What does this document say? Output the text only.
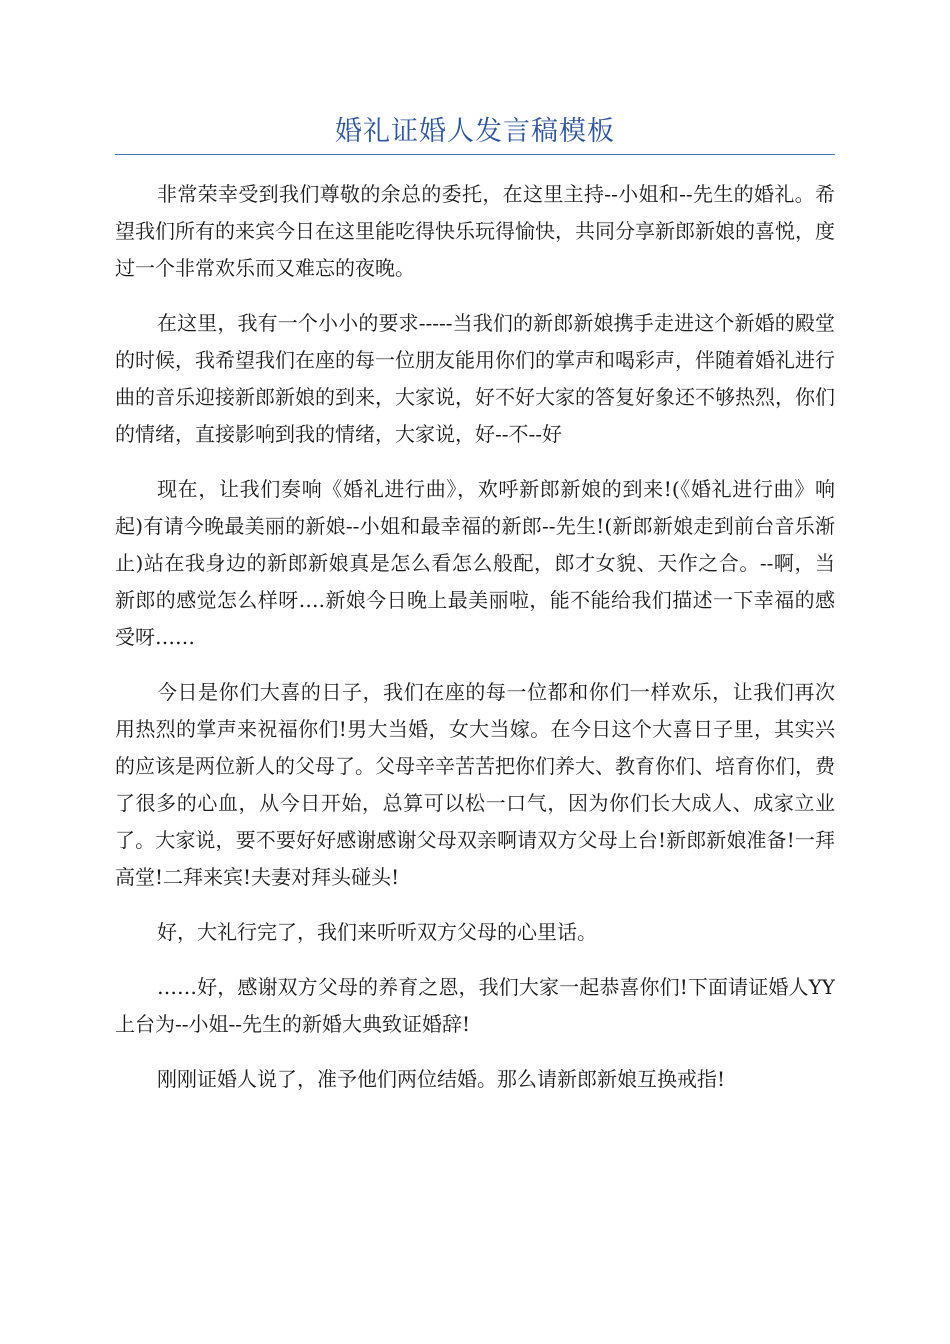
婚礼证婚人发言稿模板

非常荣幸受到我们尊敬的余总的委托，在这里主持--小姐和--先生的婚礼。希望我们所有的来宾今日在这里能吃得快乐玩得愉快，共同分享新郎新娘的喜悦，度过一个非常欢乐而又难忘的夜晚。

在这里，我有一个小小的要求-----当我们的新郎新娘携手走进这个新婚的殿堂的时候，我希望我们在座的每一位朋友能用你们的掌声和喝彩声，伴随着婚礼进行曲的音乐迎接新郎新娘的到来，大家说，好不好大家的答复好象还不够热烈，你们的情绪，直接影响到我的情绪，大家说，好--不--好

现在，让我们奏响《婚礼进行曲》，欢呼新郎新娘的到来!(《婚礼进行曲》响起)有请今晚最美丽的新娘--小姐和最幸福的新郎--先生!(新郎新娘走到前台音乐渐止)站在我身边的新郎新娘真是怎么看怎么般配，郎才女貌、天作之合。--啊，当新郎的感觉怎么样呀….新娘今日晚上最美丽啦，能不能给我们描述一下幸福的感受呀……

今日是你们大喜的日子，我们在座的每一位都和你们一样欢乐，让我们再次用热烈的掌声来祝福你们!男大当婚，女大当嫁。在今日这个大喜日子里，其实兴的应该是两位新人的父母了。父母辛辛苦苦把你们养大、教育你们、培育你们，费了很多的心血，从今日开始，总算可以松一口气，因为你们长大成人、成家立业了。大家说，要不要好好感谢感谢父母双亲啊请双方父母上台!新郎新娘准备!一拜高堂!二拜来宾!夫妻对拜头碰头!

好，大礼行完了，我们来听听双方父母的心里话。

……好，感谢双方父母的养育之恩，我们大家一起恭喜你们!下面请证婚人YY上台为--小姐--先生的新婚大典致证婚辞!

刚刚证婚人说了，准予他们两位结婚。那么请新郎新娘互换戒指!
